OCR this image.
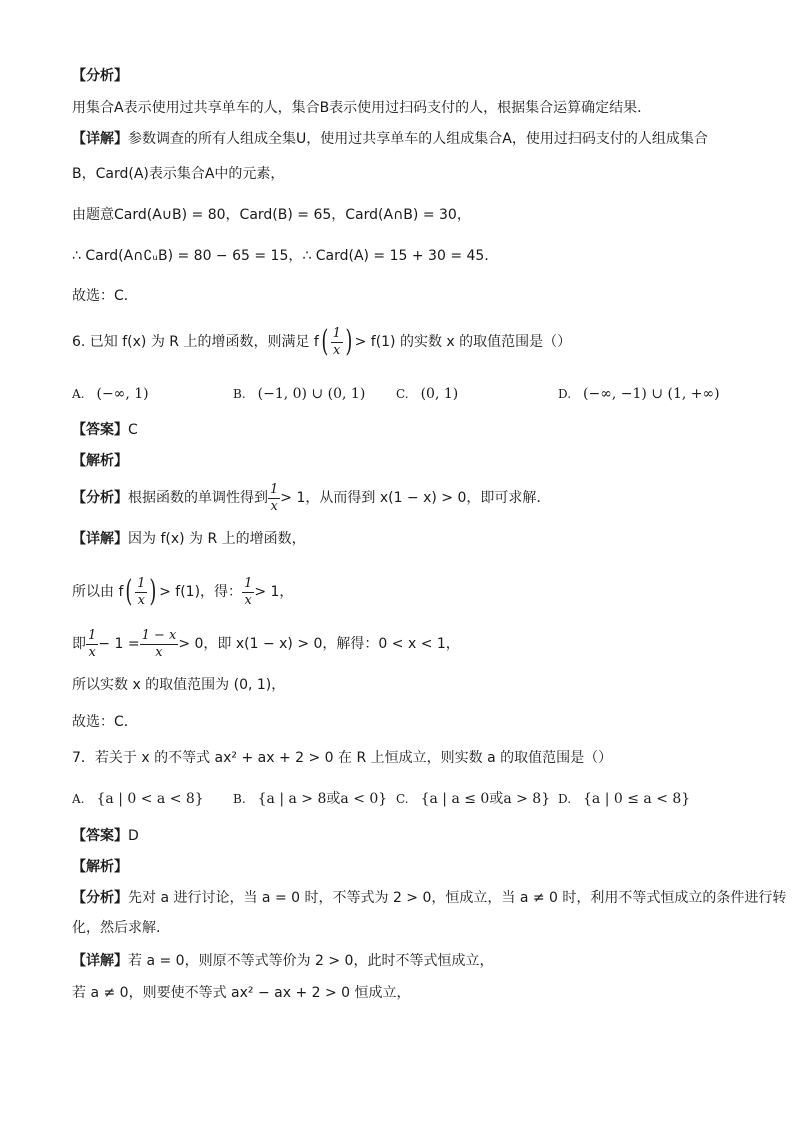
【分析】
用集合A表示使用过共享单车的人，集合B表示使用过扫码支付的人，根据集合运算确定结果．
【详解】参数调查的所有人组成全集U，使用过共享单车的人组成集合A，使用过扫码支付的人组成集合
B，Card(A)表示集合A中的元素，
由题意Card(A∪B) = 80，Card(B) = 65，Card(A∩B) = 30，
∴ Card(A∩∁ᵤB) = 80 − 65 = 15，∴ Card(A) = 15 + 30 = 45．
故选：C．
6. 已知 f(x) 为 R 上的增函数，则满足 $f( \frac{1}{x}$ ) > f(1) 的实数 x 的取值范围是（）
A. (−∞, 1)	B. (−1, 0) ∪ (0, 1)	C. (0, 1)	D. (−∞, −1) ∪ (1, +∞)
【答案】C
【解析】
【分析】根据函数的单调性得到 $\frac{1}{x} > 1$，从而得到 x(1 − x) > 0，即可求解.
【详解】因为 f(x) 为 R 上的增函数，
所以由 $f( \frac{1}{x}$ ) > f(1)，得： $\frac{1}{x} > 1$，
即 $\frac{1}{x} - 1 = \frac{1 - x}{x} > 0$，即 x(1 − x) > 0，解得：0 < x < 1，
所以实数 x 的取值范围为 (0, 1)，
故选：C．
7．若关于 x 的不等式 ax² + ax + 2 > 0 在 R 上恒成立，则实数 a 的取值范围是（）
A. {a | 0 < a < 8} B. {a | a > 8或a < 0} C. {a | a ≤ 0或a > 8} D. {a | 0 ≤ a < 8}
【答案】D
【解析】
【分析】先对 a 进行讨论，当 a = 0 时，不等式为 2 > 0，恒成立，当 a ≠ 0 时，利用不等式恒成立的条件进行转
化，然后求解.
【详解】若 a = 0，则原不等式等价为 2 > 0，此时不等式恒成立，
若 a ≠ 0，则要使不等式 ax² − ax + 2 > 0 恒成立，
